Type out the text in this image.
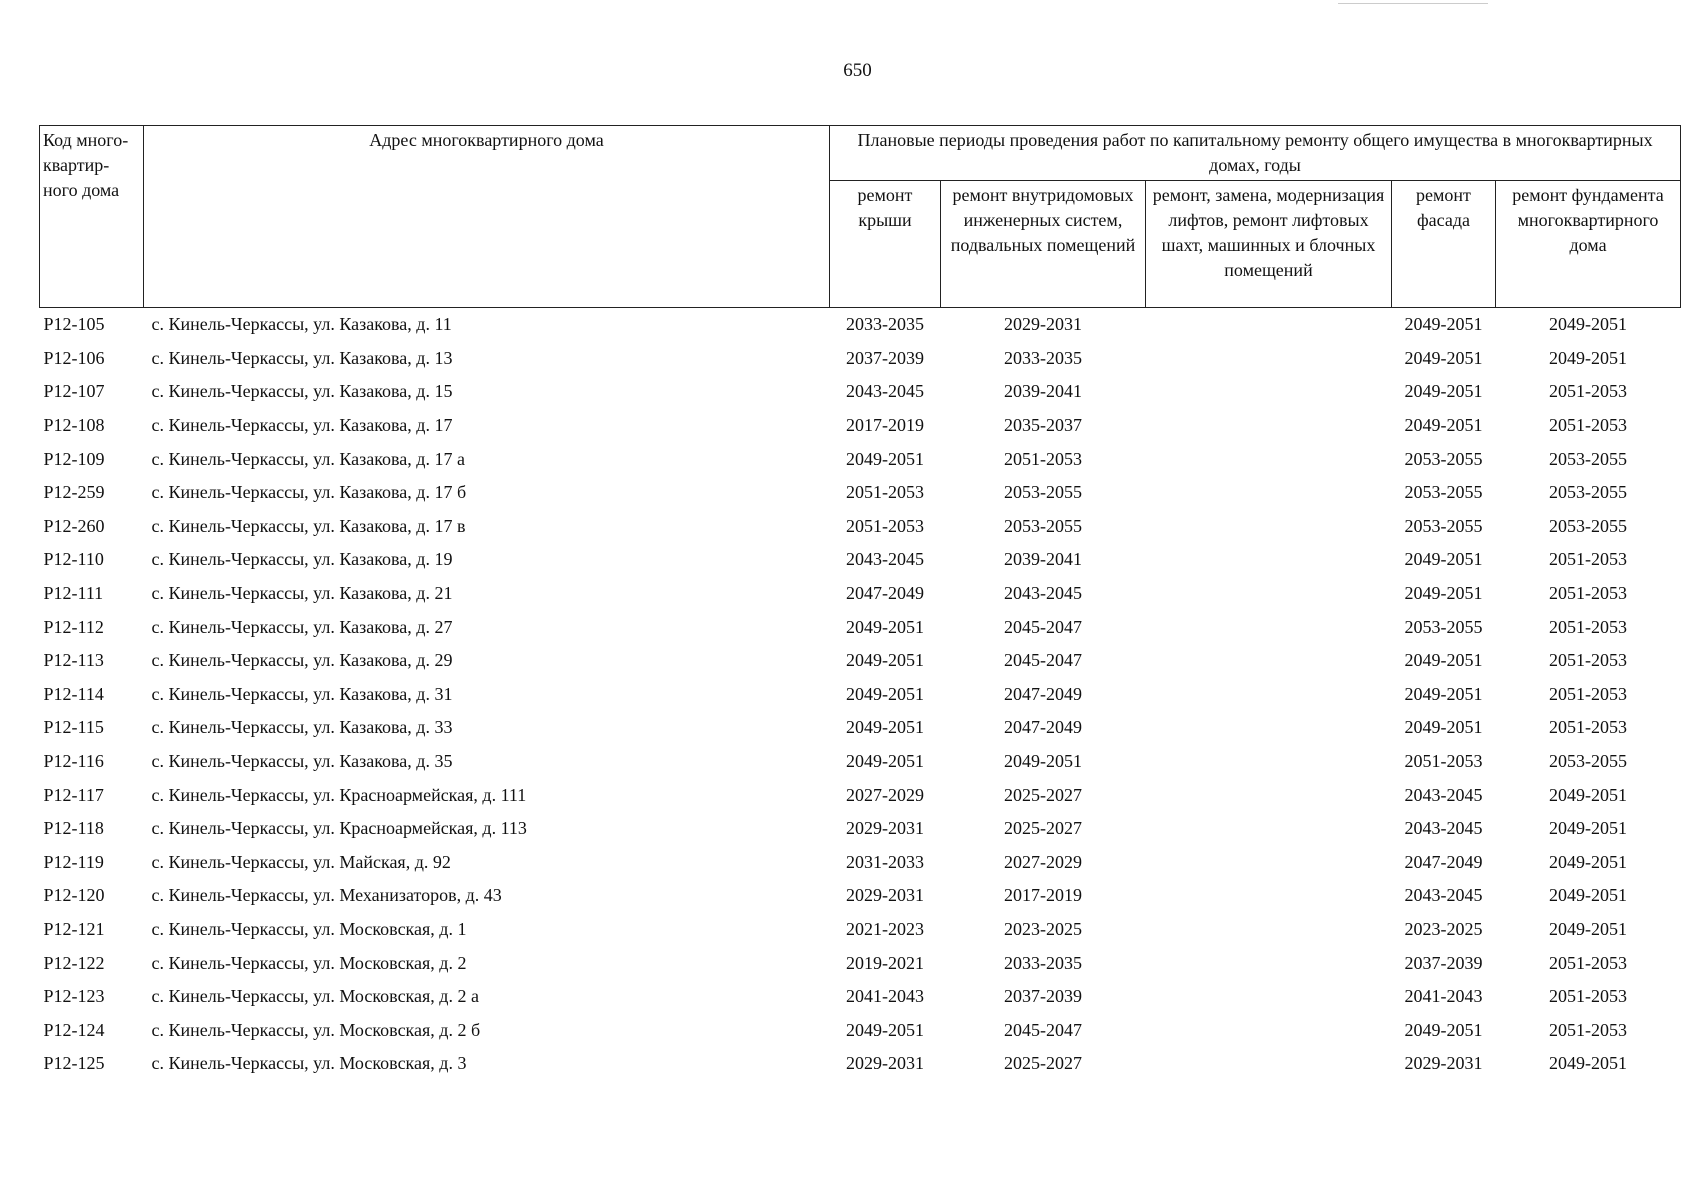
650
Код много-квартир-ного дома	Адрес многоквартирного дома	Плановые периоды проведения работ по капитальному ремонту общего имущества в многоквартирных домах, годы				
		ремонт крыши	ремонт внутридомовых инженерных систем, подвальных помещений	ремонт, замена, модернизация лифтов, ремонт лифтовых шахт, машинных и блочных помещений	ремонт фасада	ремонт фундамента многоквартирного дома
Р12-105	с. Кинель-Черкассы, ул. Казакова, д. 11	2033-2035	2029-2031		2049-2051	2049-2051
Р12-106	с. Кинель-Черкассы, ул. Казакова, д. 13	2037-2039	2033-2035		2049-2051	2049-2051
Р12-107	с. Кинель-Черкассы, ул. Казакова, д. 15	2043-2045	2039-2041		2049-2051	2051-2053
Р12-108	с. Кинель-Черкассы, ул. Казакова, д. 17	2017-2019	2035-2037		2049-2051	2051-2053
Р12-109	с. Кинель-Черкассы, ул. Казакова, д. 17 а	2049-2051	2051-2053		2053-2055	2053-2055
Р12-259	с. Кинель-Черкассы, ул. Казакова, д. 17 б	2051-2053	2053-2055		2053-2055	2053-2055
Р12-260	с. Кинель-Черкассы, ул. Казакова, д. 17 в	2051-2053	2053-2055		2053-2055	2053-2055
Р12-110	с. Кинель-Черкассы, ул. Казакова, д. 19	2043-2045	2039-2041		2049-2051	2051-2053
Р12-111	с. Кинель-Черкассы, ул. Казакова, д. 21	2047-2049	2043-2045		2049-2051	2051-2053
Р12-112	с. Кинель-Черкассы, ул. Казакова, д. 27	2049-2051	2045-2047		2053-2055	2051-2053
Р12-113	с. Кинель-Черкассы, ул. Казакова, д. 29	2049-2051	2045-2047		2049-2051	2051-2053
Р12-114	с. Кинель-Черкассы, ул. Казакова, д. 31	2049-2051	2047-2049		2049-2051	2051-2053
Р12-115	с. Кинель-Черкассы, ул. Казакова, д. 33	2049-2051	2047-2049		2049-2051	2051-2053
Р12-116	с. Кинель-Черкассы, ул. Казакова, д. 35	2049-2051	2049-2051		2051-2053	2053-2055
Р12-117	с. Кинель-Черкассы, ул. Красноармейская, д. 111	2027-2029	2025-2027		2043-2045	2049-2051
Р12-118	с. Кинель-Черкассы, ул. Красноармейская, д. 113	2029-2031	2025-2027		2043-2045	2049-2051
Р12-119	с. Кинель-Черкассы, ул. Майская, д. 92	2031-2033	2027-2029		2047-2049	2049-2051
Р12-120	с. Кинель-Черкассы, ул. Механизаторов, д. 43	2029-2031	2017-2019		2043-2045	2049-2051
Р12-121	с. Кинель-Черкассы, ул. Московская, д. 1	2021-2023	2023-2025		2023-2025	2049-2051
Р12-122	с. Кинель-Черкассы, ул. Московская, д. 2	2019-2021	2033-2035		2037-2039	2051-2053
Р12-123	с. Кинель-Черкассы, ул. Московская, д. 2 а	2041-2043	2037-2039		2041-2043	2051-2053
Р12-124	с. Кинель-Черкассы, ул. Московская, д. 2 б	2049-2051	2045-2047		2049-2051	2051-2053
Р12-125	с. Кинель-Черкассы, ул. Московская, д. 3	2029-2031	2025-2027		2029-2031	2049-2051
